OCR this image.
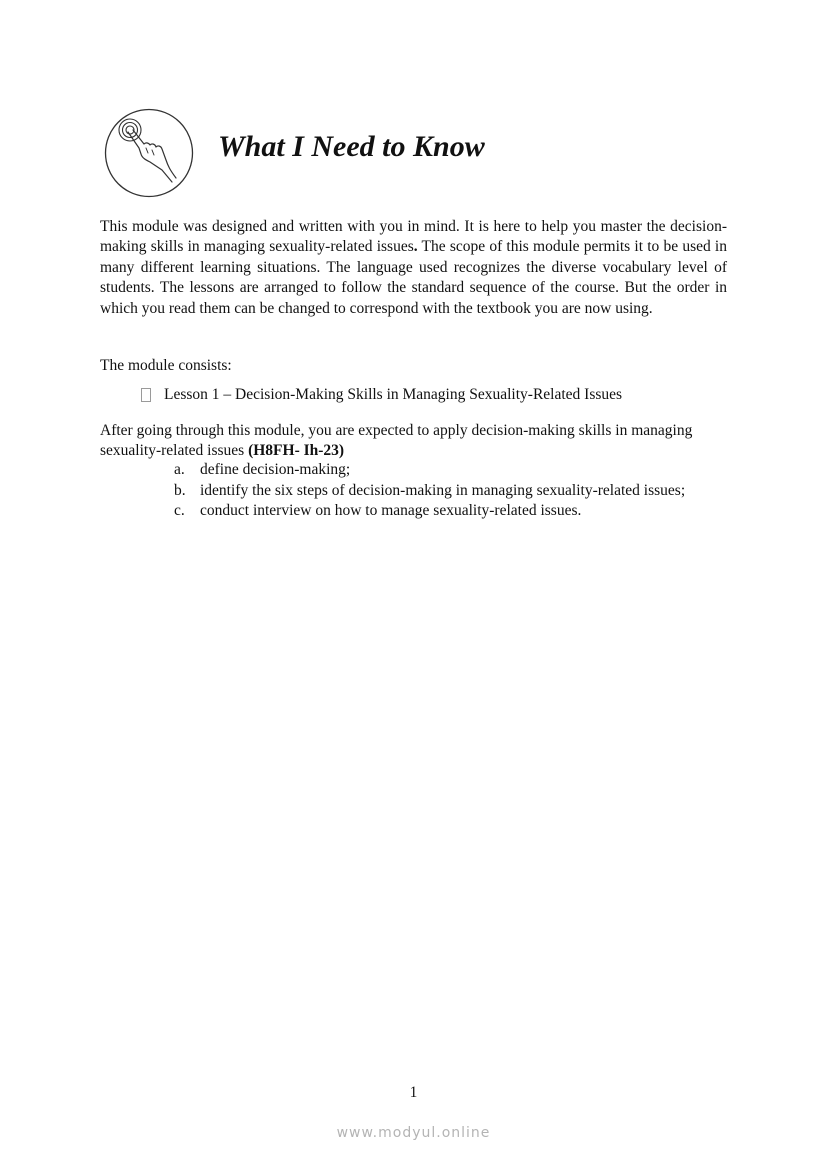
What I Need to Know

This module was designed and written with you in mind. It is here to help you master the decision-making skills in managing sexuality-related issues. The scope of this module permits it to be used in many different learning situations. The language used recognizes the diverse vocabulary level of students. The lessons are arranged to follow the standard sequence of the course. But the order in which you read them can be changed to correspond with the textbook you are now using.

The module consists:

Lesson 1 – Decision-Making Skills in Managing Sexuality-Related Issues

After going through this module, you are expected to apply decision-making skills in managing sexuality-related issues (H8FH- Ih-23)

a. define decision-making;
b. identify the six steps of decision-making in managing sexuality-related issues;
c. conduct interview on how to manage sexuality-related issues.
1
www.modyul.online
